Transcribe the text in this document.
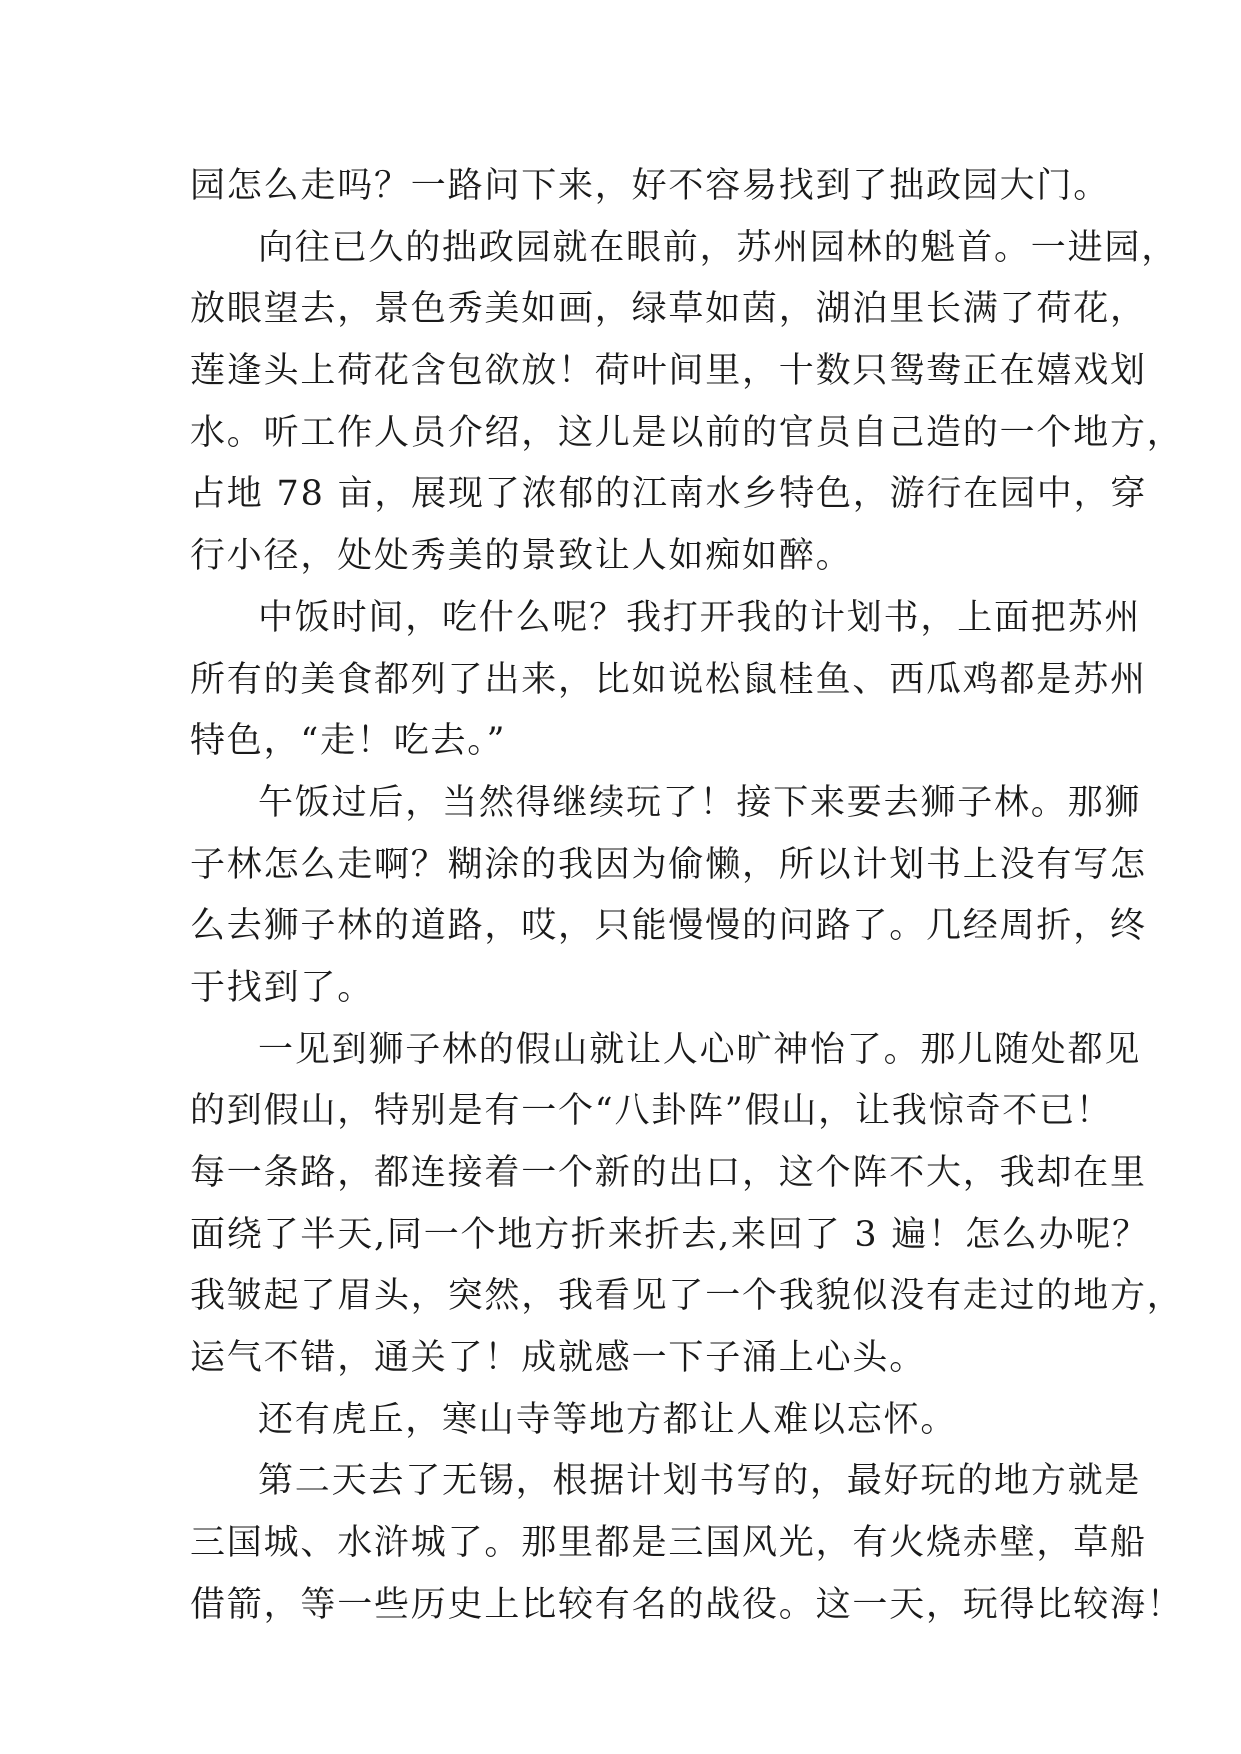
园怎么走吗？一路问下来，好不容易找到了拙政园大门。
向往已久的拙政园就在眼前，苏州园林的魁首。一进园，
放眼望去，景色秀美如画，绿草如茵，湖泊里长满了荷花，
莲逢头上荷花含包欲放！荷叶间里，十数只鸳鸯正在嬉戏划
水。听工作人员介绍，这儿是以前的官员自己造的一个地方，
占地 78 亩，展现了浓郁的江南水乡特色，游行在园中，穿
行小径，处处秀美的景致让人如痴如醉。
中饭时间，吃什么呢？我打开我的计划书，上面把苏州
所有的美食都列了出来，比如说松鼠桂鱼、西瓜鸡都是苏州
特色，“走！吃去。”
午饭过后，当然得继续玩了！接下来要去狮子林。那狮
子林怎么走啊？糊涂的我因为偷懒，所以计划书上没有写怎
么去狮子林的道路，哎，只能慢慢的问路了。几经周折，终
于找到了。
一见到狮子林的假山就让人心旷神怡了。那儿随处都见
的到假山，特别是有一个“八卦阵”假山，让我惊奇不已！
每一条路，都连接着一个新的出口，这个阵不大，我却在里
面绕了半天,同一个地方折来折去,来回了 3 遍！怎么办呢？
我皱起了眉头，突然，我看见了一个我貌似没有走过的地方，
运气不错，通关了！成就感一下子涌上心头。
还有虎丘，寒山寺等地方都让人难以忘怀。
第二天去了无锡，根据计划书写的，最好玩的地方就是
三国城、水浒城了。那里都是三国风光，有火烧赤壁，草船
借箭，等一些历史上比较有名的战役。这一天，玩得比较海！
